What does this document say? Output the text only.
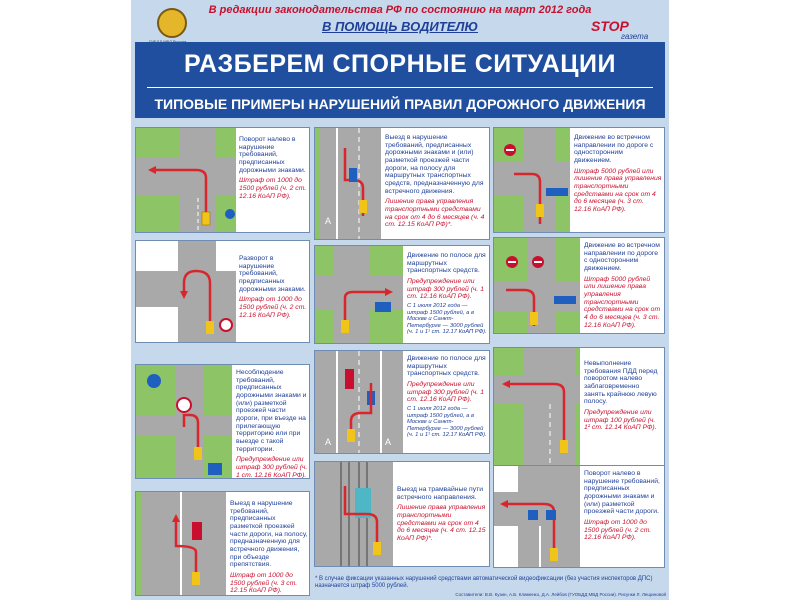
В редакции законодательства РФ по состоянию на март 2012 года
В ПОМОЩЬ ВОДИТЕЛЮ	STOP
газета
РАЗБЕРЕМ СПОРНЫЕ СИТУАЦИИ
ТИПОВЫЕ ПРИМЕРЫ НАРУШЕНИЙ ПРАВИЛ ДОРОЖНОГО ДВИЖЕНИЯ
Поворот налево в нарушение требований, предписанных дорожными знаками.
Штраф от 1000 до 1500 рублей (ч. 2 ст. 12.16 КоАП РФ).
A
Выезд в нарушение требований, предписанных дорожными знаками и (или) разметкой проезжей части дороги, на полосу для маршрутных транспортных средств, предназначенную для встречного движения.
Лишение права управления транспортными средствами на срок от 4 до 6 месяцев (ч. 4 ст. 12.15 КоАП РФ)*.
Движение во встречном направлении по дороге с односторонним движением.
Штраф 5000 рублей или лишение права управления транспортными средствами на срок от 4 до 6 месяцев (ч. 3 ст. 12.16 КоАП РФ).
Разворот в нарушение требований, предписанных дорожными знаками.
Штраф от 1000 до 1500 рублей (ч. 2 ст. 12.16 КоАП РФ).
Движение по полосе для маршрутных транспортных средств.
Предупреждение или штраф 300 рублей (ч. 1 ст. 12.16 КоАП РФ).
С 1 июля 2012 года — штраф 1500 рублей, а в Москве и Санкт-Петербурге — 3000 рублей (ч. 1 и 1¹ ст. 12.17 КоАП РФ).
Движение во встречном направлении по дороге с односторонним движением.
Штраф 5000 рублей или лишение права управления транспортными средствами на срок от 4 до 6 месяцев (ч. 3 ст. 12.16 КоАП РФ).
Несоблюдение требований, предписанных дорожными знаками и (или) разметкой проезжей части дороги, при въезде на прилегающую территорию или при выезде с такой территории.
Предупреждение или штраф 300 рублей (ч. 1 ст. 12.16 КоАП РФ).
A	A
Движение по полосе для маршрутных транспортных средств.
Предупреждение или штраф 300 рублей (ч. 1 ст. 12.16 КоАП РФ).
С 1 июля 2012 года — штраф 1500 рублей, а в Москве и Санкт-Петербурге — 3000 рублей (ч. 1 и 1¹ ст. 12.17 КоАП РФ).
Невыполнение требования ПДД перед поворотом налево заблаговременно занять крайнюю левую полосу.
Предупреждение или штраф 100 рублей (ч. 1¹ ст. 12.14 КоАП РФ).
Выезд в нарушение требований, предписанных разметкой проезжей части дороги, на полосу, предназначенную для встречного движения, при объезде препятствия.
Штраф от 1000 до 1500 рублей (ч. 3 ст. 12.15 КоАП РФ).
Выезд на трамвайные пути встречного направления.
Лишение права управления транспортными средствами на срок от 4 до 6 месяцев (ч. 4 ст. 12.15 КоАП РФ)*.
Поворот налево в нарушение требований, предписанных дорожными знаками и (или) разметкой проезжей части дороги.
Штраф от 1000 до 1500 рублей (ч. 2 ст. 12.16 КоАП РФ).
* В случае фиксации указанных нарушений средствами автоматической видеофиксации (без участия инспекторов ДПС) назначается штраф 5000 рублей.
Составители: В.В. Кузин, А.Б. Клименко, Д.А. Лейбов (ГУОБДД МВД России). Рисунки Л. Лещиновой
